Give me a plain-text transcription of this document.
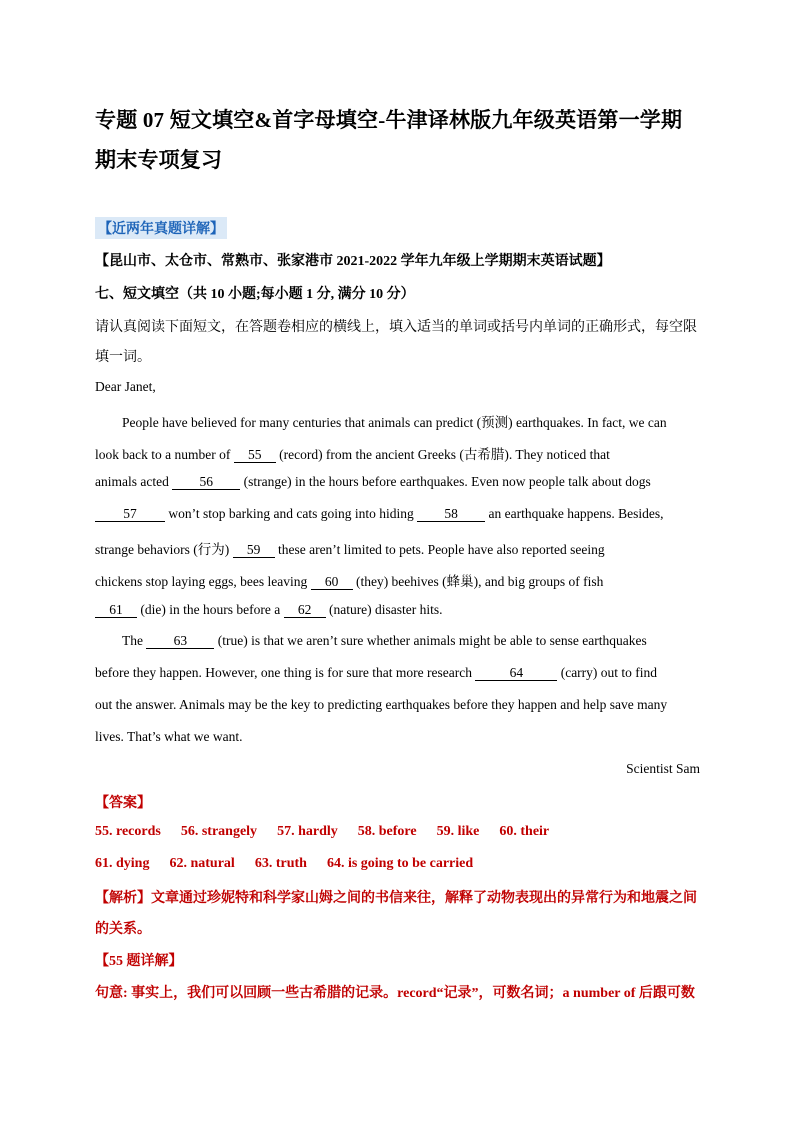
专题 07 短文填空&首字母填空-牛津译林版九年级英语第一学期
期末专项复习
【近两年真题详解】
【昆山市、太仓市、常熟市、张家港市 2021-2022 学年九年级上学期期末英语试题】
七、短文填空（共 10 小题;每小题 1 分, 满分 10 分）
请认真阅读下面短文，在答题卷相应的横线上，填入适当的单词或括号内单词的正确形式，每空限
填一词。
Dear Janet,
People have believed for many centuries that animals can predict (预测) earthquakes. In fact, we can
look back to a number of 55 (record) from the ancient Greeks (古希腊). They noticed that
animals acted 56 (strange) in the hours before earthquakes. Even now people talk about dogs
57 won’t stop barking and cats going into hiding 58 an earthquake happens. Besides,
strange behaviors (行为) 59 these aren’t limited to pets. People have also reported seeing
chickens stop laying eggs, bees leaving 60 (they) beehives (蜂巢), and big groups of fish
61 (die) in the hours before a 62 (nature) disaster hits.
The 63 (true) is that we aren’t sure whether animals might be able to sense earthquakes
before they happen. However, one thing is for sure that more research	64	(carry) out to find
out the answer. Animals may be the key to predicting earthquakes before they happen and help save many
lives. That’s what we want.
Scientist Sam
【答案】
55. records 56. strangely 57. hardly 58. before 59. like 60. their
61. dying 62. natural 63. truth 64. is going to be carried
【解析】文章通过珍妮特和科学家山姆之间的书信来往，解释了动物表现出的异常行为和地震之间
的关系。
【55 题详解】
句意: 事实上，我们可以回顾一些古希腊的记录。record“记录”，可数名词；a number of 后跟可数
